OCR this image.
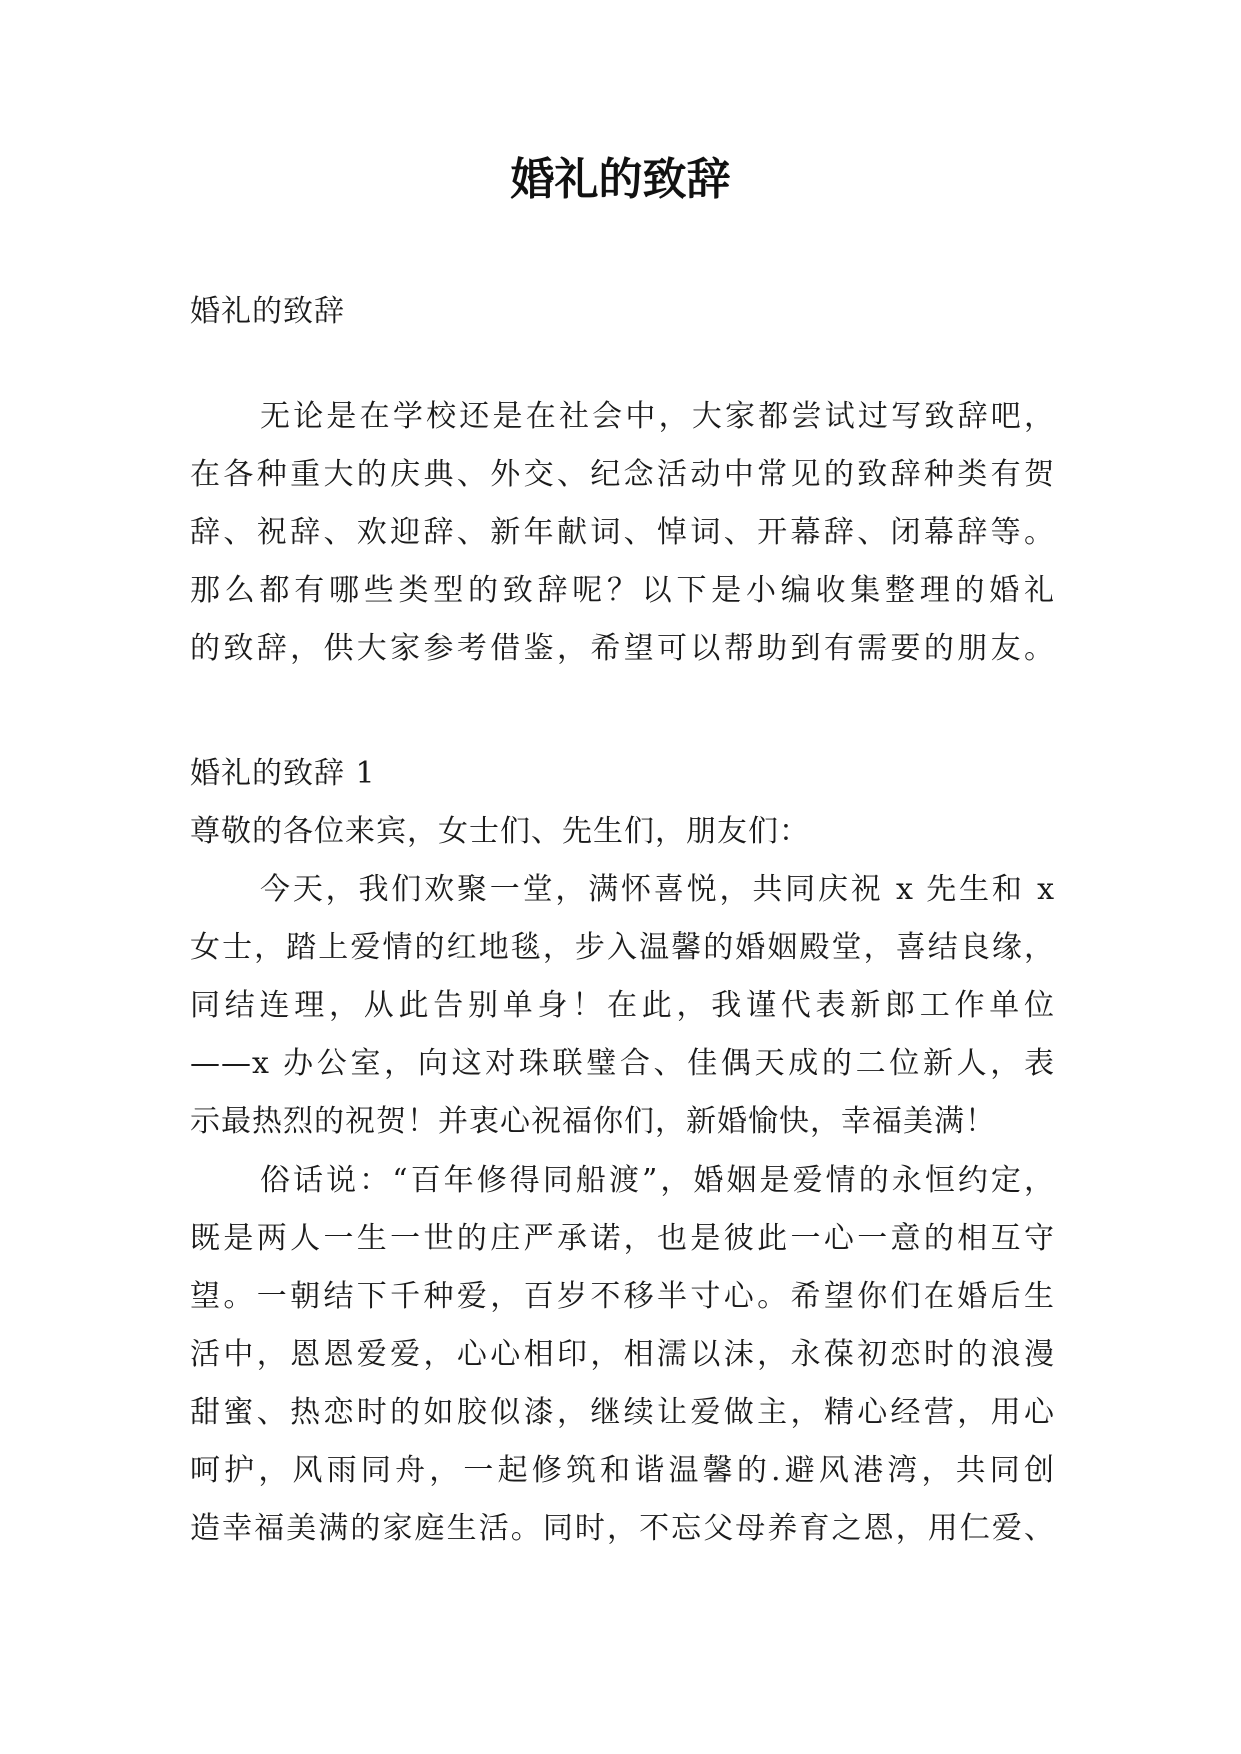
婚礼的致辞
婚礼的致辞
无论是在学校还是在社会中，大家都尝试过写致辞吧，
在各种重大的庆典、外交、纪念活动中常见的致辞种类有贺
辞、祝辞、欢迎辞、新年献词、悼词、开幕辞、闭幕辞等。
那么都有哪些类型的致辞呢？以下是小编收集整理的婚礼
的致辞，供大家参考借鉴，希望可以帮助到有需要的朋友。
婚礼的致辞 1
尊敬的各位来宾，女士们、先生们，朋友们：
今天，我们欢聚一堂，满怀喜悦，共同庆祝 x 先生和 x
女士，踏上爱情的红地毯，步入温馨的婚姻殿堂，喜结良缘，
同结连理，从此告别单身！在此，我谨代表新郎工作单位
——x 办公室，向这对珠联璧合、佳偶天成的二位新人，表
示最热烈的祝贺！并衷心祝福你们，新婚愉快，幸福美满！
俗话说：“百年修得同船渡”，婚姻是爱情的永恒约定，
既是两人一生一世的庄严承诺，也是彼此一心一意的相互守
望。一朝结下千种爱，百岁不移半寸心。希望你们在婚后生
活中，恩恩爱爱，心心相印，相濡以沫，永葆初恋时的浪漫
甜蜜、热恋时的如胶似漆，继续让爱做主，精心经营，用心
呵护，风雨同舟，一起修筑和谐温馨的.避风港湾，共同创
造幸福美满的家庭生活。同时，不忘父母养育之恩，用仁爱、
